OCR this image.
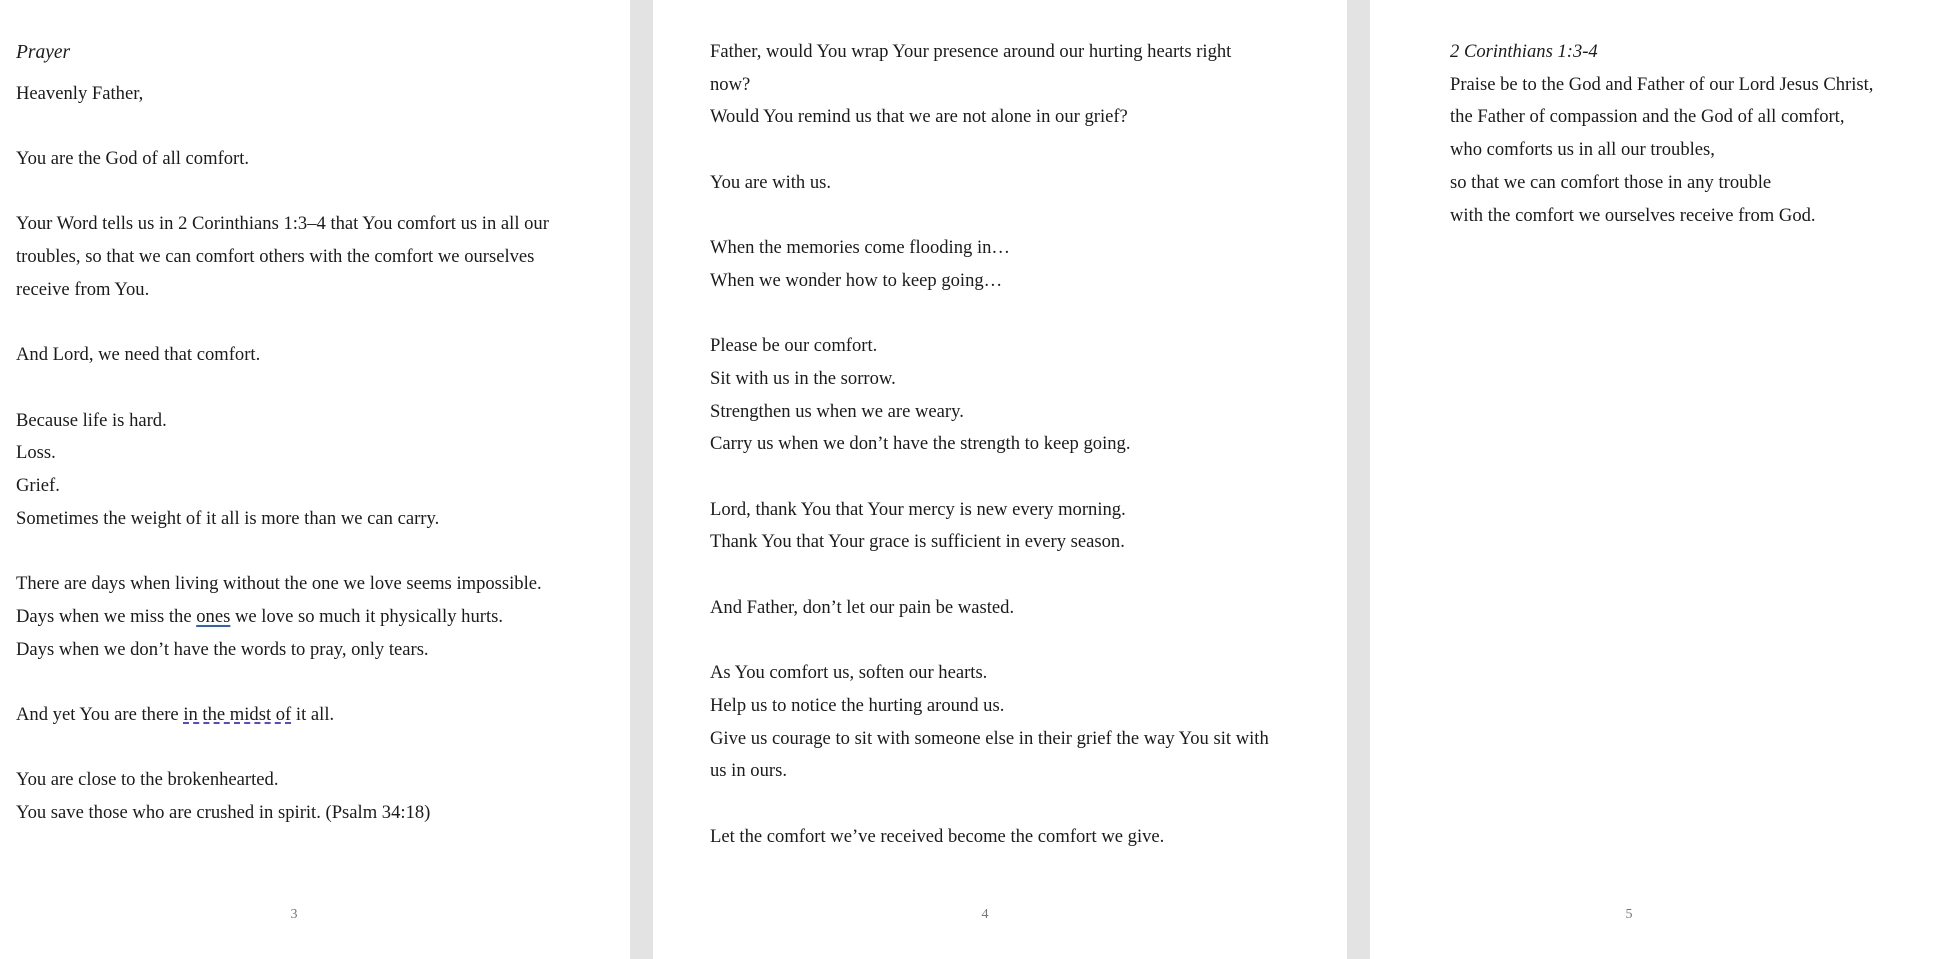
Prayer
Heavenly Father,
You are the God of all comfort.
Your Word tells us in 2 Corinthians 1:3–4 that You comfort us in all our troubles, so that we can comfort others with the comfort we ourselves receive from You.
And Lord, we need that comfort.
Because life is hard.
Loss.
Grief.
Sometimes the weight of it all is more than we can carry.
There are days when living without the one we love seems impossible.
Days when we miss the ones we love so much it physically hurts.
Days when we don’t have the words to pray, only tears.
And yet You are there in the midst of it all.
You are close to the brokenhearted.
You save those who are crushed in spirit. (Psalm 34:18)
3
Father, would You wrap Your presence around our hurting hearts right now?
Would You remind us that we are not alone in our grief?
You are with us.
When the memories come flooding in…
When we wonder how to keep going…
Please be our comfort.
Sit with us in the sorrow.
Strengthen us when we are weary.
Carry us when we don’t have the strength to keep going.
Lord, thank You that Your mercy is new every morning.
Thank You that Your grace is sufficient in every season.
And Father, don’t let our pain be wasted.
As You comfort us, soften our hearts.
Help us to notice the hurting around us.
Give us courage to sit with someone else in their grief the way You sit with us in ours.
Let the comfort we’ve received become the comfort we give.
4
2 Corinthians 1:3-4
Praise be to the God and Father of our Lord Jesus Christ,
the Father of compassion and the God of all comfort,
who comforts us in all our troubles,
so that we can comfort those in any trouble
with the comfort we ourselves receive from God.
5
